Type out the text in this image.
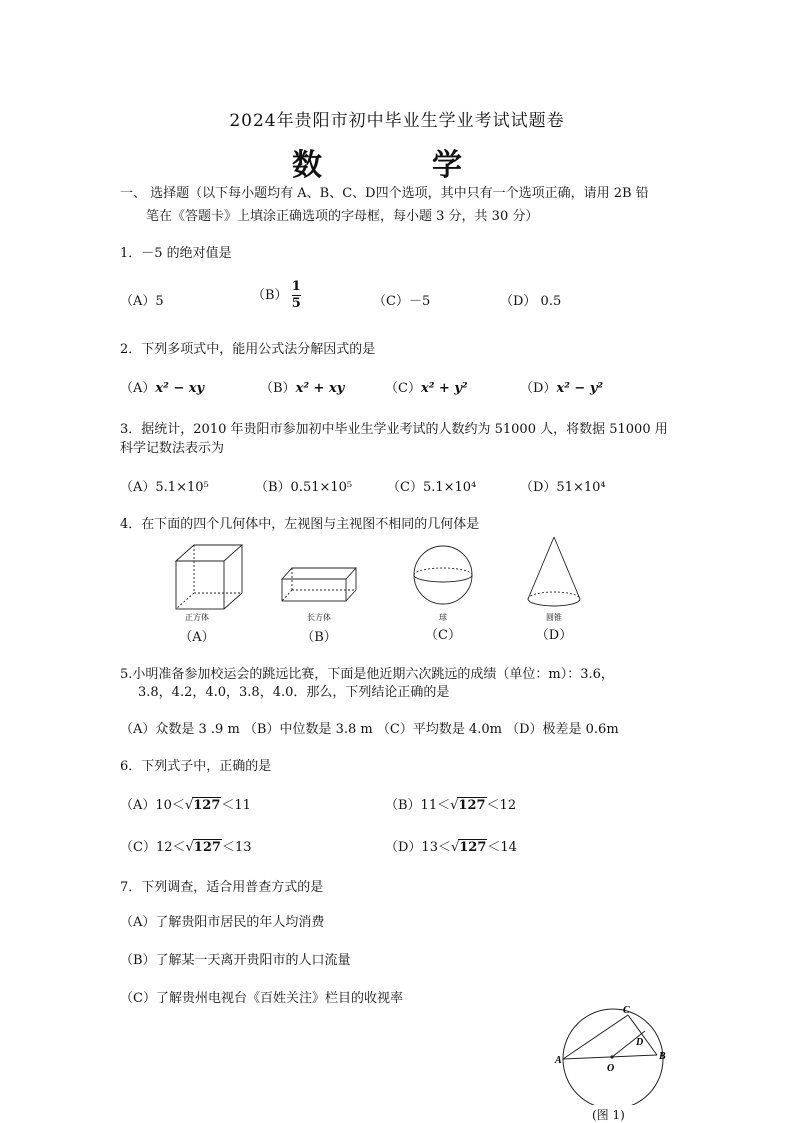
2024年贵阳市初中毕业生学业考试试题卷
数　学
一、 选择题（以下每小题均有 A、B、C、D四个选项，其中只有一个选项正确，请用 2B 铅
笔在《答题卡》上填涂正确选项的字母框，每小题 3 分，共 30 分）
1．－5 的绝对值是
（A）5	$(B) \frac{1}{5}$	（C）－5	（D） 0.5
2．下列多项式中，能用公式法分解因式的是
（A）x² − xy	（B）x² + xy	（C）x² + y²	（D）x² − y²
3．据统计，2010 年贵阳市参加初中毕业生学业考试的人数约为 51000 人，将数据 51000 用
科学记数法表示为
（A）5.1×10⁵	（B）0.51×10⁵	（C）5.1×10⁴	（D）51×10⁴
4．在下面的四个几何体中，左视图与主视图不相同的几何体是
正方体	长方体	球	圆锥
（A）	（B）	（C）	（D）
5.小明准备参加校运会的跳远比赛，下面是他近期六次跳远的成绩（单位：m）：3.6，
3.8，4.2，4.0，3.8，4.0．那么，下列结论正确的是
（A）众数是 3 .9 m （B）中位数是 3.8 m （C）平均数是 4.0m （D）极差是 0.6m
6．下列式子中，正确的是
（A）10＜√127＜11	（B）11＜√127＜12
（C）12＜√127＜13	（D）13＜√127＜14
7．下列调查，适合用普查方式的是
（A）了解贵阳市居民的年人均消费
（B）了解某一天离开贵阳市的人口流量
（C）了解贵州电视台《百姓关注》栏目的收视率
A	B
C
D
O
(图 1)
